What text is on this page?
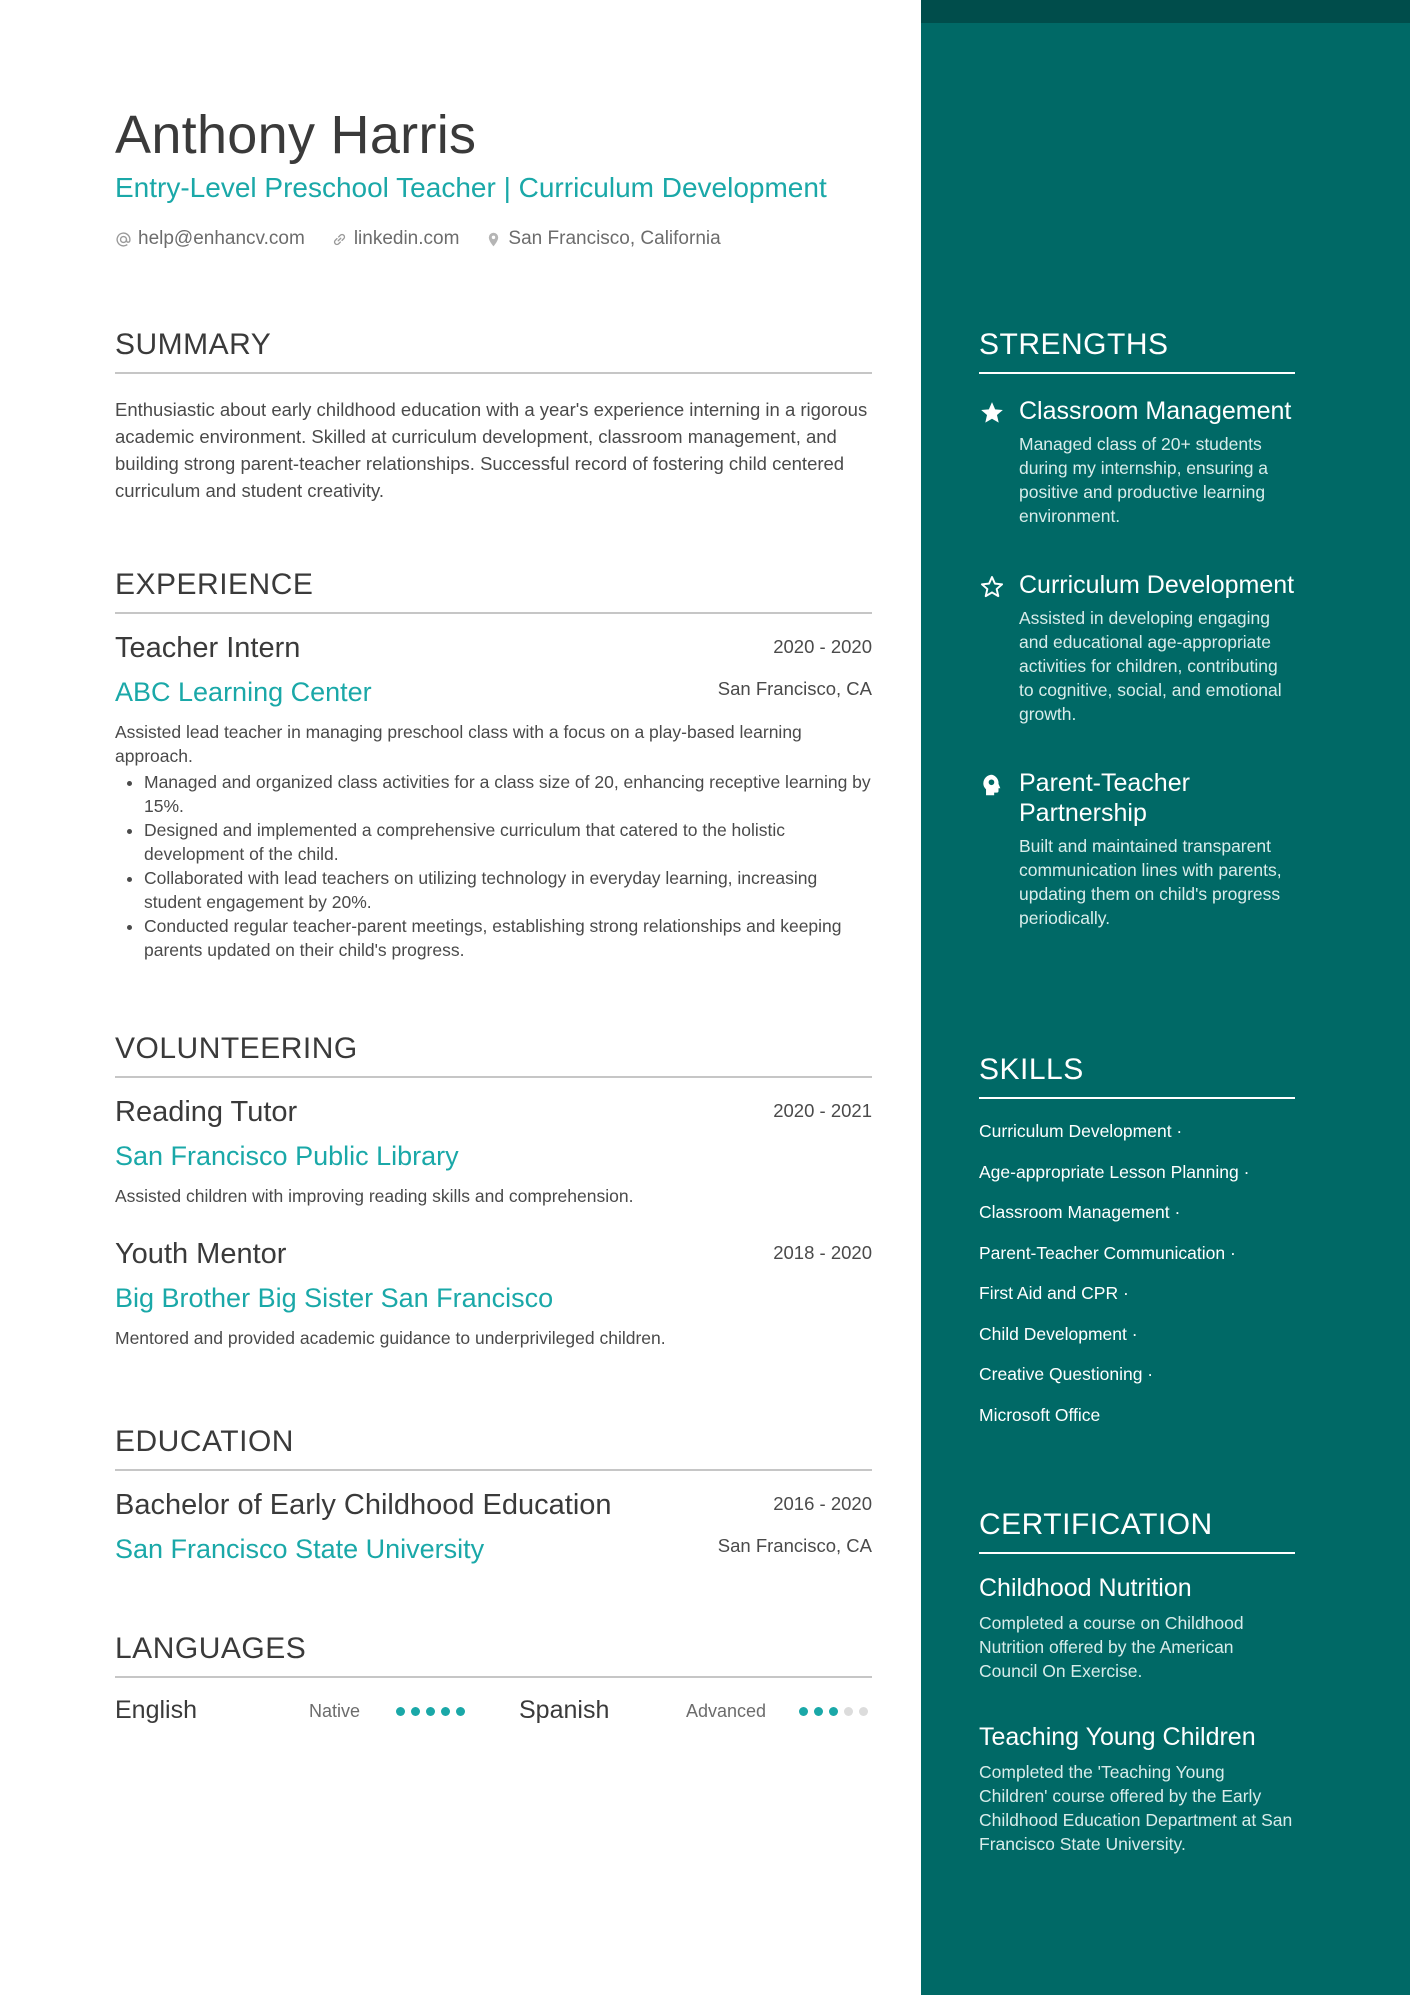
Anthony Harris
Entry-Level Preschool Teacher | Curriculum Development
help@enhancv.com	linkedin.com	San Francisco, California
SUMMARY

Enthusiastic about early childhood education with a year's experience interning in a rigorous academic environment. Skilled at curriculum development, classroom management, and building strong parent-teacher relationships. Successful record of fostering child centered curriculum and student creativity.

EXPERIENCE
Teacher Intern
ABC Learning Center
2020 - 2020
San Francisco, CA

Assisted lead teacher in managing preschool class with a focus on a play-based learning approach.

• Managed and organized class activities for a class size of 20, enhancing receptive learning by 15%.
• Designed and implemented a comprehensive curriculum that catered to the holistic development of the child.
• Collaborated with lead teachers on utilizing technology in everyday learning, increasing student engagement by 20%.
• Conducted regular teacher-parent meetings, establishing strong relationships and keeping parents updated on their child's progress.
VOLUNTEERING
Reading Tutor
San Francisco Public Library
2020 - 2021

Assisted children with improving reading skills and comprehension.

Youth Mentor
Big Brother Big Sister San Francisco
2018 - 2020

Mentored and provided academic guidance to underprivileged children.

EDUCATION
Bachelor of Early Childhood Education
San Francisco State University
2016 - 2020
San Francisco, CA
LANGUAGES
English	Native	Spanish	Advanced
STRENGTHS
Classroom Management
Managed class of 20+ students during my internship, ensuring a positive and productive learning environment.
Curriculum Development
Assisted in developing engaging and educational age-appropriate activities for children, contributing to cognitive, social, and emotional growth.
Parent-Teacher Partnership
Built and maintained transparent communication lines with parents, updating them on child's progress periodically.
SKILLS
Curriculum Development ·
Age-appropriate Lesson Planning ·
Classroom Management ·
Parent-Teacher Communication ·
First Aid and CPR ·
Child Development ·
Creative Questioning ·
Microsoft Office
CERTIFICATION
Childhood Nutrition
Completed a course on Childhood Nutrition offered by the American Council On Exercise.
Teaching Young Children
Completed the 'Teaching Young Children' course offered by the Early Childhood Education Department at San Francisco State University.
